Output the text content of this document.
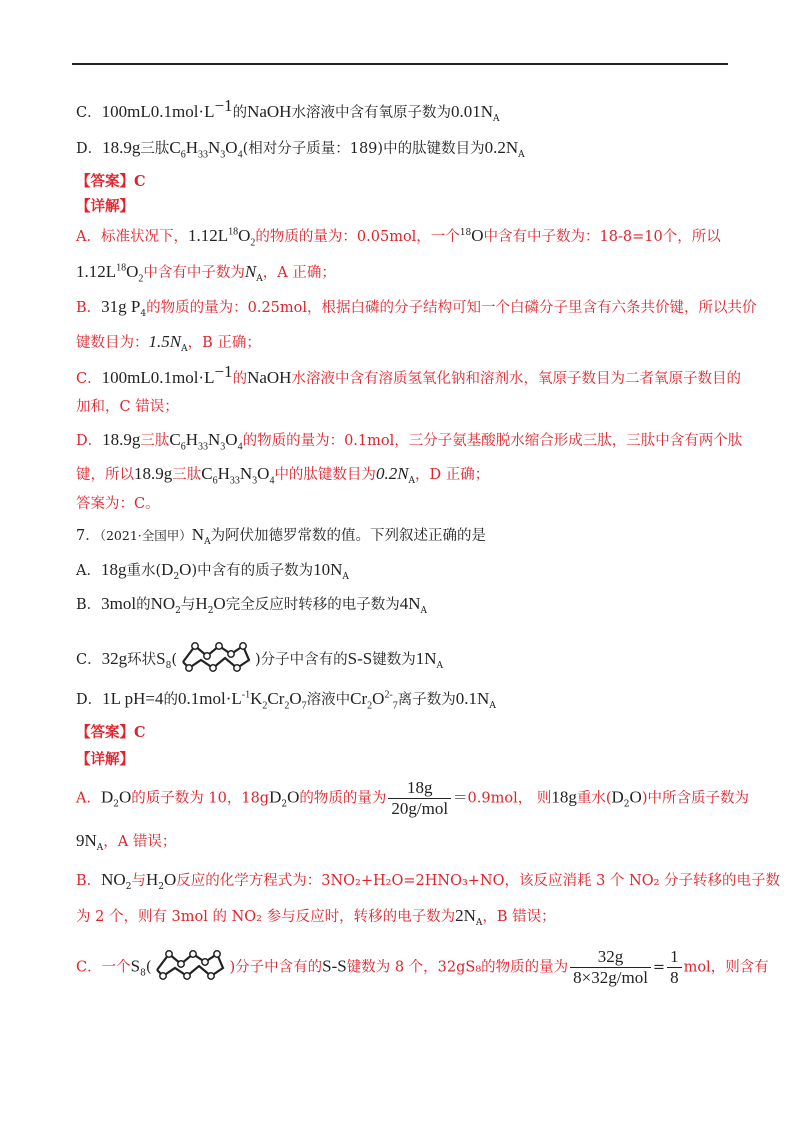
C．$100mL0.1mol\cdot L^{-1}$的NaOH水溶液中含有氧原子数为$0.01N_A$
D．18.9g三肽$C_6H_{33}N_3O_4$(相对分子质量：189)中的肽键数目为$0.2N_A$
【答案】C
【详解】
A．标准状况下，$1.12L^{18}O_2$的物质的量为：0.05mol，一个$^{18}$O中含有中子数为：18-8=10个，所以
$1.12L^{18}O_2$中含有中子数为$N_A$，A 正确；
B．31g $P_4$的物质的量为：0.25mol，根据白磷的分子结构可知一个白磷分子里含有六条共价键，所以共价
键数目为：$1.5N_A$，B 正确；
C．$100mL0.1mol\cdot L^{-1}$的NaOH水溶液中含有溶质氢氧化钠和溶剂水，氧原子数目为二者氧原子数目的
加和，C 错误；
D．18.9g三肽$C_6H_{33}N_3O_4$的物质的量为：0.1mol，三分子氨基酸脱水缩合形成三肽，三肽中含有两个肽
键，所以18.9g三肽$C_6H_{33}N_3O_4$中的肽键数目为$0.2N_A$，D 正确；
答案为：C。
7．（2021·全国甲）$N_A$为阿伏加德罗常数的值。下列叙述正确的是
A．18g重水$(D_2O)$中含有的质子数为$10N_A$
B．3mol的$NO_2$与$H_2O$完全反应时转移的电子数为$4N_A$
C．32g环状$S_8$(	)分子中含有的S-S键数为$1N_A$
D．1L pH=4的$0.1mol\cdot L^{-1}K_2Cr_2O_7$溶液中$Cr_2O^{2-}_7$离子数为$0.1N_A$
【答案】C
【详解】
A．$D_2O$的质子数为 10，$18gD_2O$的物质的量为 $\frac{18g}{\text{20g/mol}} =0.9mol$， 则18g重水$(D_2O)$中所含质子数为
$9N_A$，A 错误；
B．$NO_2$与$H_2O$反应的化学方程式为：3NO₂+H₂O=2HNO₃+NO，该反应消耗 3 个 NO₂ 分子转移的电子数
为 2 个，则有 3mol 的 NO₂ 参与反应时，转移的电子数为$2N_A$，B 错误；
C．一个$S_8$(	)分子中含有的S-S键数为 8 个，32gS₈的物质的量为 $\frac{32g}{\text{8×32g/mol}} = \frac{1}{8}$ mol，则含有
